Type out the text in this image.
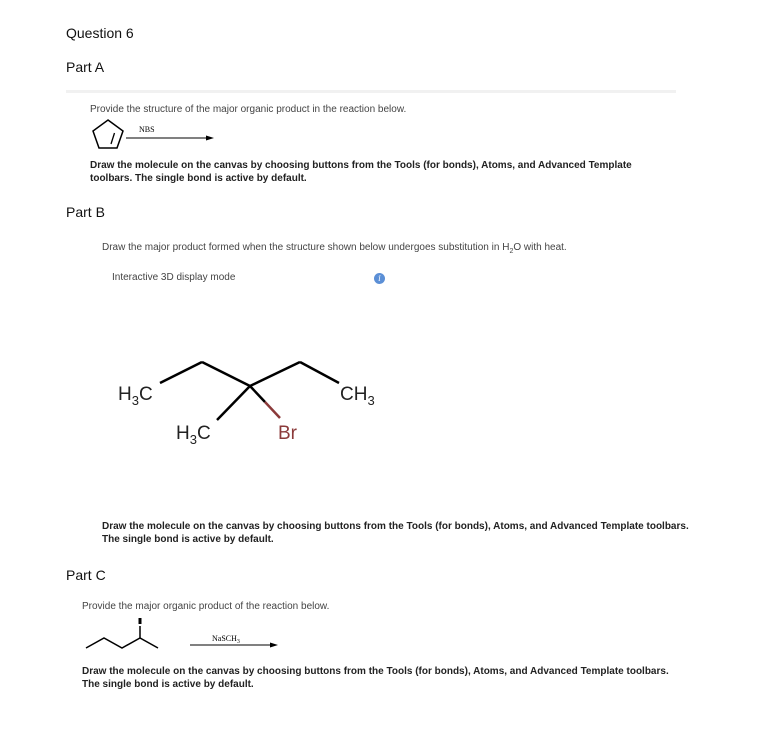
Question 6
Part A
Provide the structure of the major organic product in the reaction below.
NBS
Draw the molecule on the canvas by choosing buttons from the Tools (for bonds), Atoms, and Advanced Template toolbars. The single bond is active by default.
Part B
Draw the major product formed when the structure shown below undergoes substitution in $H_2O$ with heat.
Interactive 3D display mode	i
$H_3C$	$CH_3$
$H_3C$	Br
Draw the molecule on the canvas by choosing buttons from the Tools (for bonds), Atoms, and Advanced Template toolbars. The single bond is active by default.
Part C
Provide the major organic product of the reaction below.
NaSCH$_3$
Draw the molecule on the canvas by choosing buttons from the Tools (for bonds), Atoms, and Advanced Template toolbars. The single bond is active by default.
